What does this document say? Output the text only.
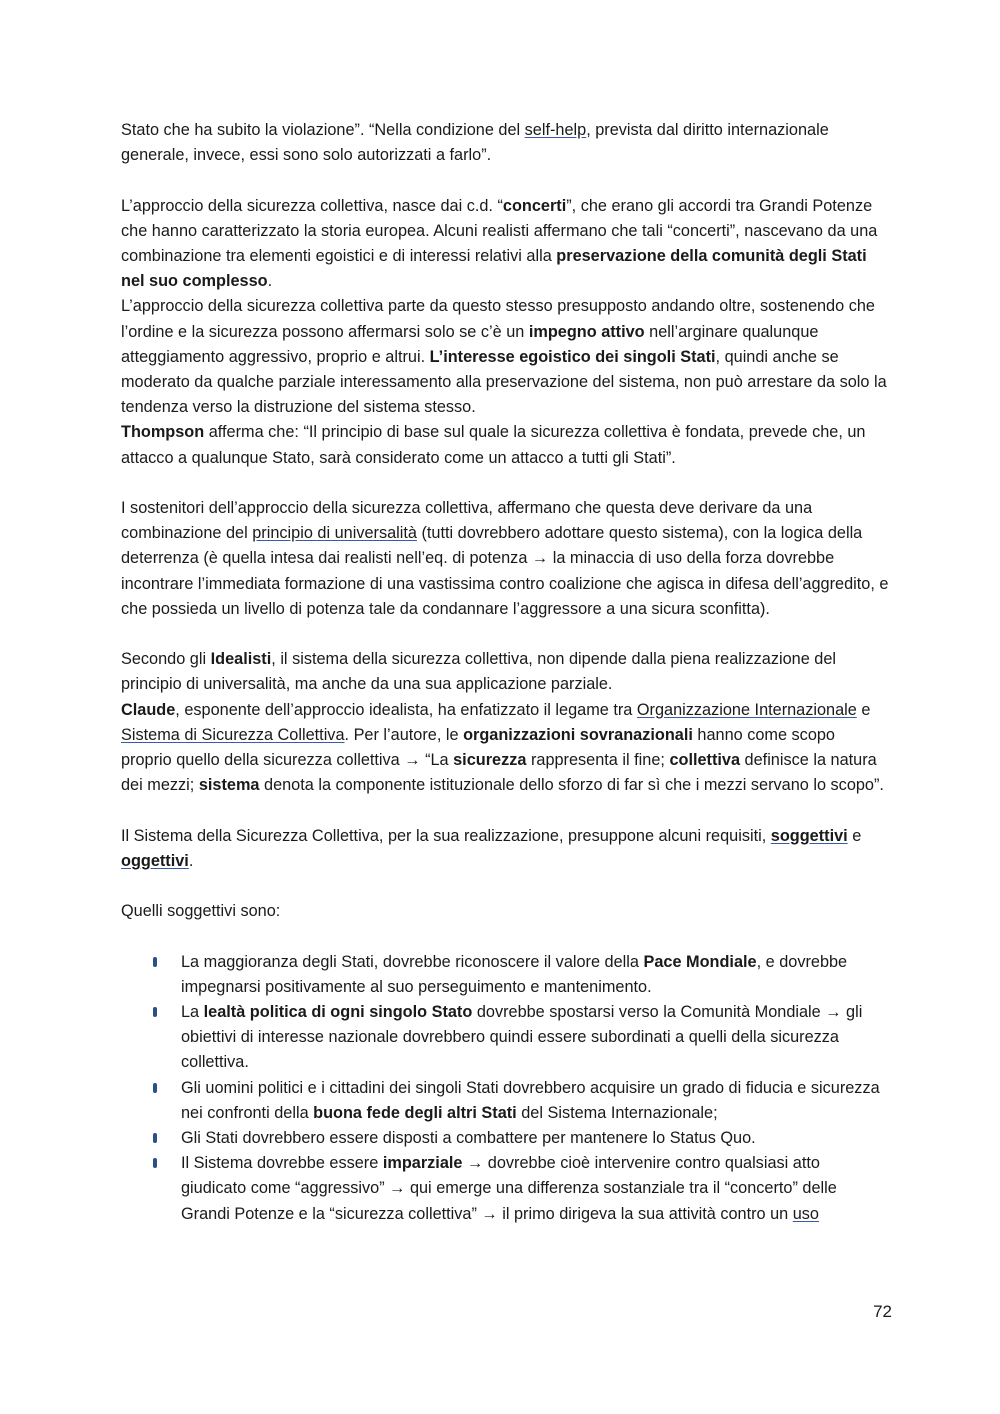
Stato che ha subito la violazione”. “Nella condizione del self-help, prevista dal diritto internazionale generale, invece, essi sono solo autorizzati a farlo”.

L’approccio della sicurezza collettiva, nasce dai c.d. “concerti”, che erano gli accordi tra Grandi Potenze che hanno caratterizzato la storia europea. Alcuni realisti affermano che tali “concerti”, nascevano da una combinazione tra elementi egoistici e di interessi relativi alla preservazione della comunità degli Stati nel suo complesso.

L’approccio della sicurezza collettiva parte da questo stesso presupposto andando oltre, sostenendo che l’ordine e la sicurezza possono affermarsi solo se c’è un impegno attivo nell’arginare qualunque atteggiamento aggressivo, proprio e altrui. L’interesse egoistico dei singoli Stati, quindi anche se moderato da qualche parziale interessamento alla preservazione del sistema, non può arrestare da solo la tendenza verso la distruzione del sistema stesso.

Thompson afferma che: “Il principio di base sul quale la sicurezza collettiva è fondata, prevede che, un attacco a qualunque Stato, sarà considerato come un attacco a tutti gli Stati”.

I sostenitori dell’approccio della sicurezza collettiva, affermano che questa deve derivare da una combinazione del principio di universalità (tutti dovrebbero adottare questo sistema), con la logica della deterrenza (è quella intesa dai realisti nell’eq. di potenza → la minaccia di uso della forza dovrebbe incontrare l’immediata formazione di una vastissima contro coalizione che agisca in difesa dell’aggredito, e che possieda un livello di potenza tale da condannare l’aggressore a una sicura sconfitta).

Secondo gli Idealisti, il sistema della sicurezza collettiva, non dipende dalla piena realizzazione del principio di universalità, ma anche da una sua applicazione parziale.

Claude, esponente dell’approccio idealista, ha enfatizzato il legame tra Organizzazione Internazionale e Sistema di Sicurezza Collettiva. Per l’autore, le organizzazioni sovranazionali hanno come scopo proprio quello della sicurezza collettiva → “La sicurezza rappresenta il fine; collettiva definisce la natura dei mezzi; sistema denota la componente istituzionale dello sforzo di far sì che i mezzi servano lo scopo”.

Il Sistema della Sicurezza Collettiva, per la sua realizzazione, presuppone alcuni requisiti, soggettivi e oggettivi.

Quelli soggettivi sono:

La maggioranza degli Stati, dovrebbe riconoscere il valore della Pace Mondiale, e dovrebbe impegnarsi positivamente al suo perseguimento e mantenimento.
La lealtà politica di ogni singolo Stato dovrebbe spostarsi verso la Comunità Mondiale → gli obiettivi di interesse nazionale dovrebbero quindi essere subordinati a quelli della sicurezza collettiva.
Gli uomini politici e i cittadini dei singoli Stati dovrebbero acquisire un grado di fiducia e sicurezza nei confronti della buona fede degli altri Stati del Sistema Internazionale;
Gli Stati dovrebbero essere disposti a combattere per mantenere lo Status Quo.
Il Sistema dovrebbe essere imparziale → dovrebbe cioè intervenire contro qualsiasi atto giudicato come “aggressivo” → qui emerge una differenza sostanziale tra il “concerto” delle Grandi Potenze e la “sicurezza collettiva” → il primo dirigeva la sua attività contro un uso
72
